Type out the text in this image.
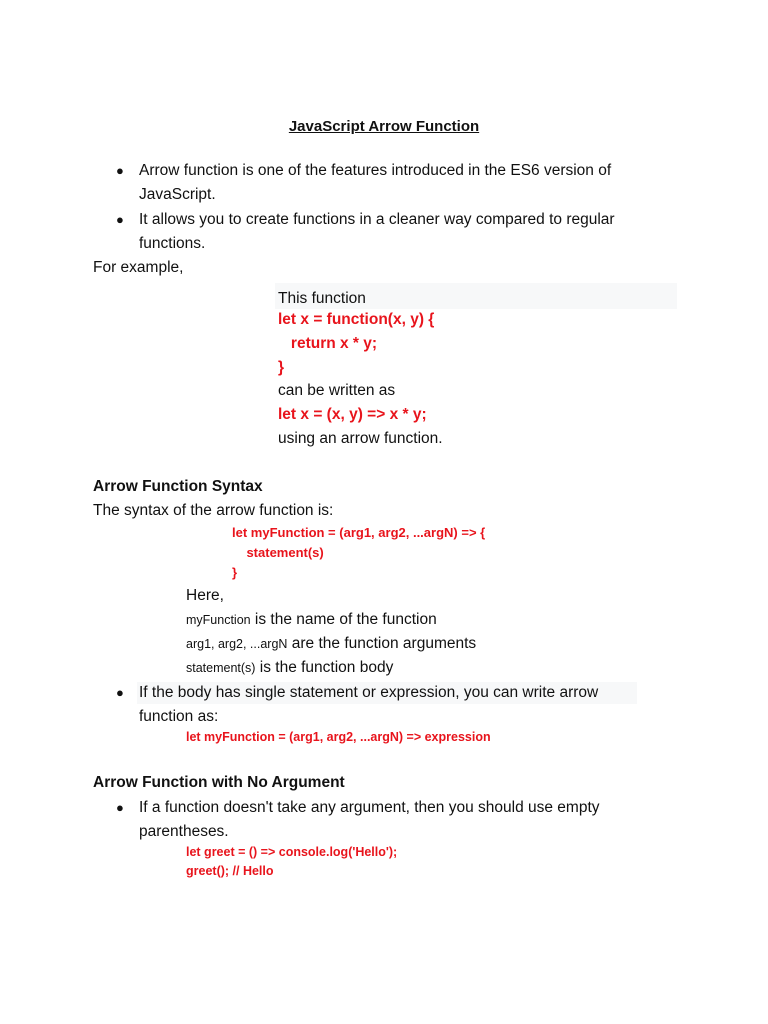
JavaScript Arrow Function
● Arrow function is one of the features introduced in the ES6 version of
JavaScript.
● It allows you to create functions in a cleaner way compared to regular
functions.
For example,
This function
let x = function(x, y) {
return x * y;
}
can be written as
let x = (x, y) => x * y;
using an arrow function.
Arrow Function Syntax
The syntax of the arrow function is:
let myFunction = (arg1, arg2, ...argN) => {
statement(s)
}
Here,
myFunction is the name of the function
arg1, arg2, ...argN are the function arguments
statement(s) is the function body
● If the body has single statement or expression, you can write arrow
function as:
let myFunction = (arg1, arg2, ...argN) => expression
Arrow Function with No Argument
● If a function doesn't take any argument, then you should use empty
parentheses.
let greet = () => console.log('Hello');
greet(); // Hello
